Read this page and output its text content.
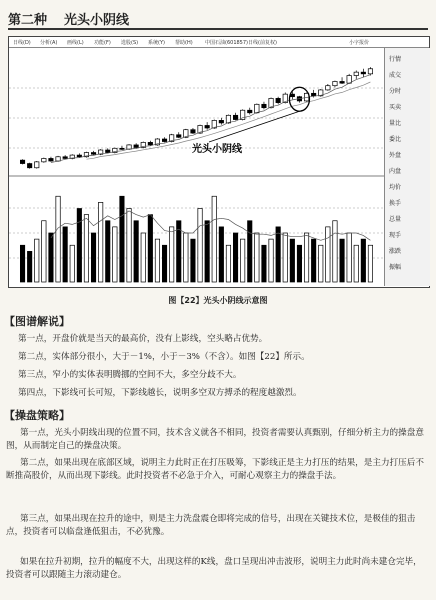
第二种 光头小阴线
中国石油(601857)日线(前复权)	小字报价
日线(D) 分析(A) 画线(L) 功能(F) 选股(S) 系统(Y) 帮助(H)
光头小阴线
行情
成交
分时
买卖
量比
委比
外盘
内盘
均价
换手
总量
现手
涨跌
振幅
图【22】光头小阴线示意图
【图谱解说】

第一点，开盘价就是当天的最高价，没有上影线，空头略占优势。

第二点，实体部分很小，大于－1%，小于－3%（不含）。如图【22】所示。

第三点，窄小的实体表明腾挪的空间不大，多空分歧不大。

第四点，下影线可长可短，下影线越长，说明多空双方搏杀的程度越激烈。

【操盘策略】

第一点，光头小阴线出现的位置不同，技术含义就各不相同，投资者需要认真甄别，仔细分析主力的操盘意图，从而制定自己的操盘决策。

第二点，如果出现在底部区域，说明主力此时正在打压吸筹，下影线正是主力打压的结果，是主力打压后不断推高股价，从而出现下影线。此时投资者不必急于介入，可耐心观察主力的操盘手法。

第三点，如果出现在拉升的途中，则是主力洗盘震仓即将完成的信号，出现在关键技术位，是极佳的狙击点，投资者可以临盘逢低狙击，不必犹豫。

如果在拉升初期，拉升的幅度不大，出现这样的K线，盘口呈现出冲击波形，说明主力此时尚未建仓完毕，投资者可以跟随主力滚动建仓。
